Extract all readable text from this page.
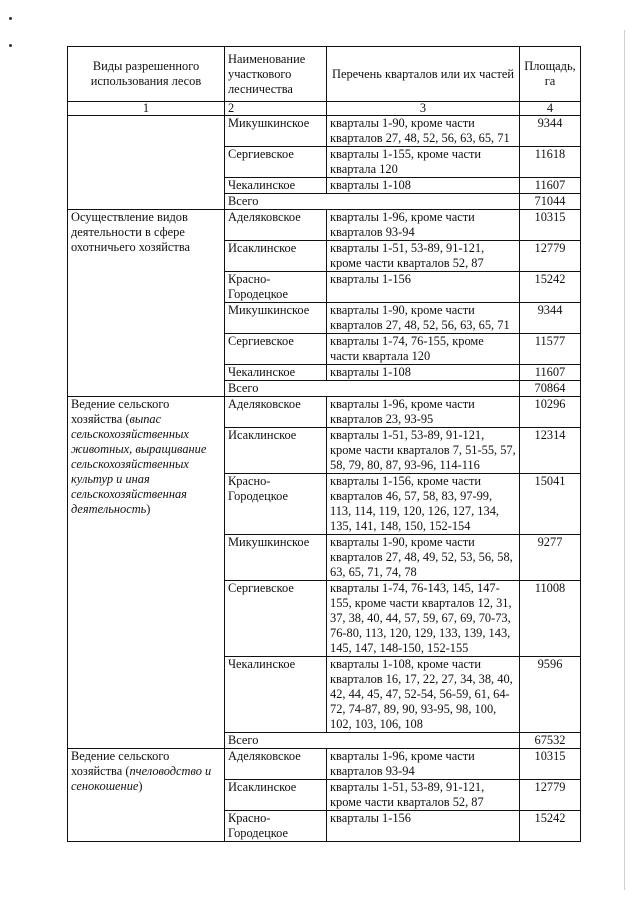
Виды разрешенного использования лесов	Наименование участкового лесничества	Перечень кварталов или их частей	Площадь, га
1	2	3	4
	Микушкинское	кварталы 1-90, кроме части кварталов 27, 48, 52, 56, 63, 65, 71	9344
	Сергиевское	кварталы 1-155, кроме части квартала 120	11618
	Чекалинское	кварталы 1-108	11607
	Всего		71044
Осуществление видов деятельности в сфере охотничьего хозяйства	Аделяковское	кварталы 1-96, кроме части кварталов 93-94	10315
	Исаклинское	кварталы 1-51, 53-89, 91-121, кроме части кварталов 52, 87	12779
	Красно-Городецкое	кварталы 1-156	15242
	Микушкинское	кварталы 1-90, кроме части кварталов 27, 48, 52, 56, 63, 65, 71	9344
	Сергиевское	кварталы 1-74, 76-155, кроме части квартала 120	11577
	Чекалинское	кварталы 1-108	11607
	Всего		70864
Ведение сельского хозяйства (выпас сельскохозяйственных животных, выращивание сельскохозяйственных культур и иная сельскохозяйственная деятельность)	Аделяковское	кварталы 1-96, кроме части кварталов 23, 93-95	10296
	Исаклинское	кварталы 1-51, 53-89, 91-121, кроме части кварталов 7, 51-55, 57, 58, 79, 80, 87, 93-96, 114-116	12314
	Красно-Городецкое	кварталы 1-156, кроме части кварталов 46, 57, 58, 83, 97-99, 113, 114, 119, 120, 126, 127, 134, 135, 141, 148, 150, 152-154	15041
	Микушкинское	кварталы 1-90, кроме части кварталов 27, 48, 49, 52, 53, 56, 58, 63, 65, 71, 74, 78	9277
	Сергиевское	кварталы 1-74, 76-143, 145, 147-155, кроме части кварталов 12, 31, 37, 38, 40, 44, 57, 59, 67, 69, 70-73, 76-80, 113, 120, 129, 133, 139, 143, 145, 147, 148-150, 152-155	11008
	Чекалинское	кварталы 1-108, кроме части кварталов 16, 17, 22, 27, 34, 38, 40, 42, 44, 45, 47, 52-54, 56-59, 61, 64-72, 74-87, 89, 90, 93-95, 98, 100, 102, 103, 106, 108	9596
	Всего		67532
Ведение сельского хозяйства (пчеловодство и сенокошение)	Аделяковское	кварталы 1-96, кроме части кварталов 93-94	10315
	Исаклинское	кварталы 1-51, 53-89, 91-121, кроме части кварталов 52, 87	12779
	Красно-Городецкое	кварталы 1-156	15242
